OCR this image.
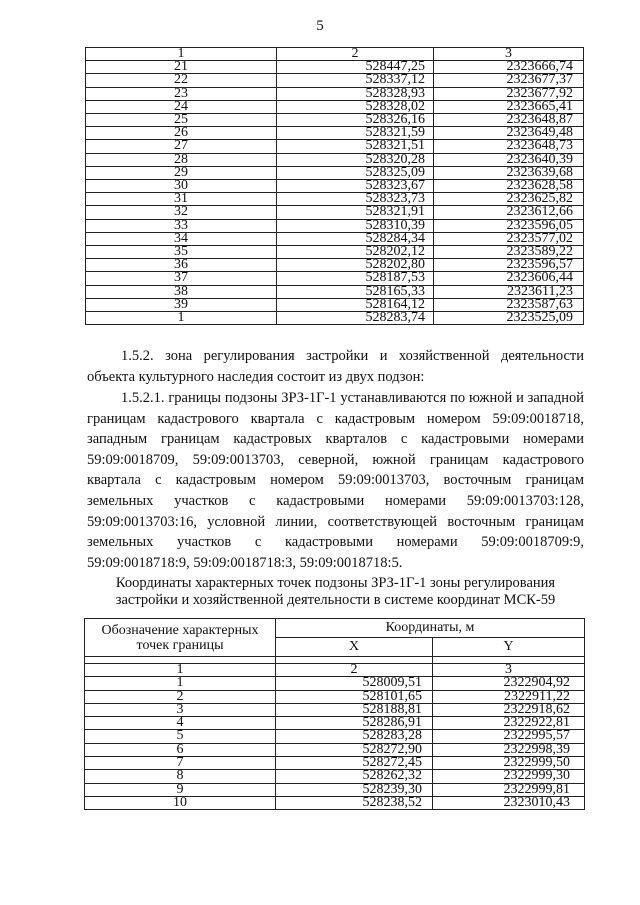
5
1	2	3
21	528447,25	2323666,74
22	528337,12	2323677,37
23	528328,93	2323677,92
24	528328,02	2323665,41
25	528326,16	2323648,87
26	528321,59	2323649,48
27	528321,51	2323648,73
28	528320,28	2323640,39
29	528325,09	2323639,68
30	528323,67	2323628,58
31	528323,73	2323625,82
32	528321,91	2323612,66
33	528310,39	2323596,05
34	528284,34	2323577,02
35	528202,12	2323589,22
36	528202,80	2323596,57
37	528187,53	2323606,44
38	528165,33	2323611,23
39	528164,12	2323587,63
1	528283,74	2323525,09
1.5.2. зона регулирования застройки и хозяйственной деятельности объекта культурного наследия состоит из двух подзон:
1.5.2.1. границы подзоны ЗРЗ-1Г-1 устанавливаются по южной и западной границам кадастрового квартала с кадастровым номером 59:09:0018718, западным границам кадастровых кварталов с кадастровыми номерами 59:09:0018709, 59:09:0013703, северной, южной границам кадастрового квартала с кадастровым номером 59:09:0013703, восточным границам земельных участков с кадастровыми номерами 59:09:0013703:128, 59:09:0013703:16, условной линии, соответствующей восточным границам земельных участков с кадастровыми номерами 59:09:0018709:9, 59:09:0018718:9, 59:09:0018718:3, 59:09:0018718:5.
Координаты характерных точек подзоны ЗРЗ-1Г-1 зоны регулирования
застройки и хозяйственной деятельности в системе координат МСК-59
Обозначение характерных точек границы	Координаты, м	
	X	Y

1	2	3
1	528009,51	2322904,92
2	528101,65	2322911,22
3	528188,81	2322918,62
4	528286,91	2322922,81
5	528283,28	2322995,57
6	528272,90	2322998,39
7	528272,45	2322999,50
8	528262,32	2322999,30
9	528239,30	2322999,81
10	528238,52	2323010,43
